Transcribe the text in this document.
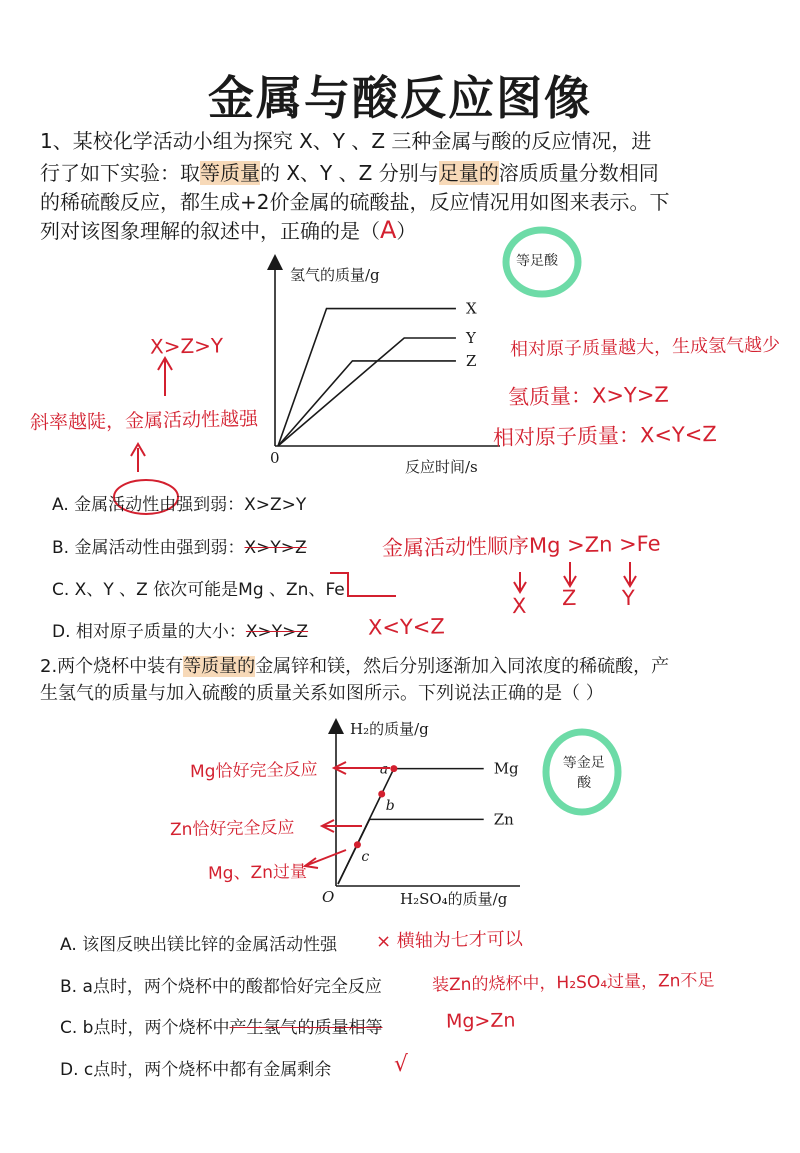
金属与酸反应图像
1、某校化学活动小组为探究 X、Y 、Z 三种金属与酸的反应情况，进
行了如下实验：取等质量的 X、Y 、Z 分别与足量的溶质质量分数相同
的稀硫酸反应，都生成+2价金属的硫酸盐，反应情况用如图来表示。下
列对该图象理解的叙述中，正确的是（A）
氢气的质量/g
反应时间/s
0
X
Y
Z
H₂的质量/g
H₂SO₄的质量/g
O
Mg
Zn
a
b
c
A. 金属活动性由强到弱：X>Z>Y
B. 金属活动性由强到弱：X>Y>Z
C. X、Y 、Z 依次可能是Mg 、Zn、Fe
D. 相对原子质量的大小：X>Y>Z
X>Z>Y
斜率越陡，金属活动性越强
等足酸
相对原子质量越大，生成氢气越少
氢质量：X>Y>Z
相对原子质量：X<Y<Z
金属活动性顺序Mg >Zn >Fe
X Z Y
X<Y<Z
2.两个烧杯中装有等质量的金属锌和镁，然后分别逐渐加入同浓度的稀硫酸，产
生氢气的质量与加入硫酸的质量关系如图所示。下列说法正确的是（ ）
Mg恰好完全反应
Zn恰好完全反应
Mg、Zn过量
等金足酸
A. 该图反映出镁比锌的金属活动性强
B. a点时，两个烧杯中的酸都恰好完全反应
C. b点时，两个烧杯中产生氢气的质量相等
D. c点时，两个烧杯中都有金属剩余
× 横轴为七才可以
装Zn的烧杯中，H₂SO₄过量，Zn不足
Mg>Zn
√
